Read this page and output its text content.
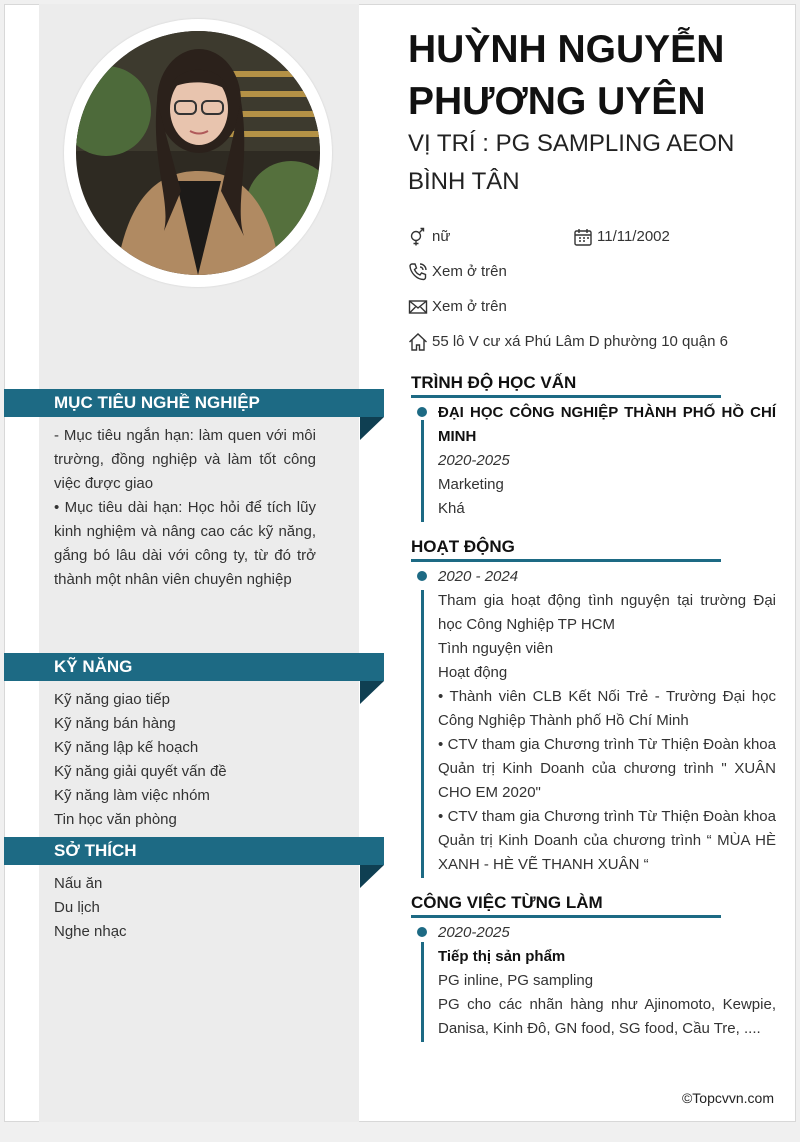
MỤC TIÊU NGHỀ NGHIỆP
- Mục tiêu ngắn hạn: làm quen với môi trường, đồng nghiệp và làm tốt công việc được giao
• Mục tiêu dài hạn: Học hỏi để tích lũy kinh nghiệm và nâng cao các kỹ năng, gắng bó lâu dài với công ty, từ đó trở thành một nhân viên chuyên nghiệp
KỸ NĂNG
Kỹ năng giao tiếp
Kỹ năng bán hàng
Kỹ năng lập kế hoạch
Kỹ năng giải quyết vấn đề
Kỹ năng làm việc nhóm
Tin học văn phòng
SỞ THÍCH
Nấu ăn
Du lịch
Nghe nhạc
HUỲNH NGUYỄN PHƯƠNG UYÊN
VỊ TRÍ : PG SAMPLING AEON BÌNH TÂN
nữ	11/11/2002
Xem ở trên
Xem ở trên
55 lô V cư xá Phú Lâm D phường 10 quận 6
TRÌNH ĐỘ HỌC VẤN
ĐẠI HỌC CÔNG NGHIỆP THÀNH PHỐ HỒ CHÍ MINH
2020-2025
Marketing
Khá
HOẠT ĐỘNG
2020 - 2024
Tham gia hoạt động tình nguyện tại trường Đại học Công Nghiệp TP HCM
Tình nguyện viên
Hoạt động
• Thành viên CLB Kết Nối Trẻ - Trường Đại học Công Nghiệp Thành phố Hồ Chí Minh
• CTV tham gia Chương trình Từ Thiện Đoàn khoa Quản trị Kinh Doanh của chương trình " XUÂN CHO EM 2020"
• CTV tham gia Chương trình Từ Thiện Đoàn khoa Quản trị Kinh Doanh của chương trình “ MÙA HÈ XANH - HÈ VẼ THANH XUÂN “
CÔNG VIỆC TỪNG LÀM
2020-2025
Tiếp thị sản phẩm
PG inline, PG sampling
PG cho các nhãn hàng như Ajinomoto, Kewpie, Danisa, Kinh Đô, GN food, SG food, Cầu Tre, ....
©Topcvvn.com
